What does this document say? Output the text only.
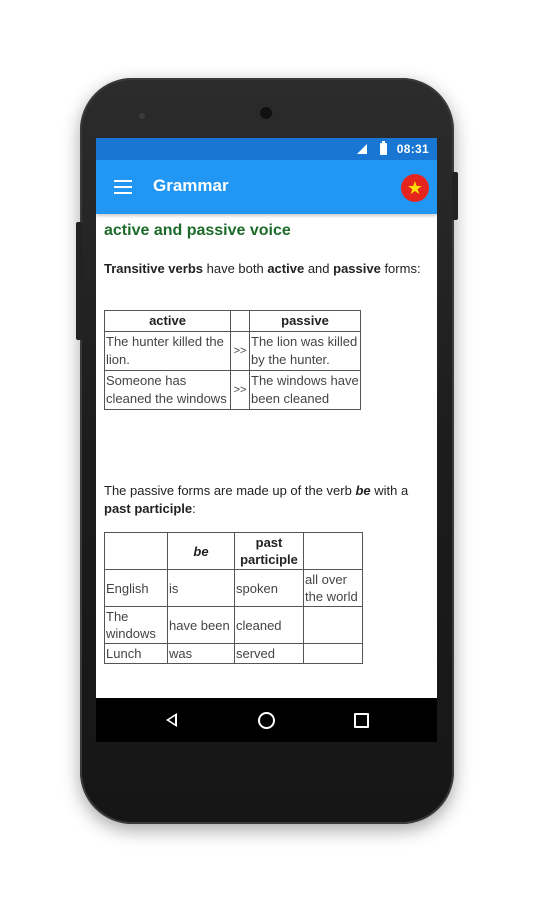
08:31
Grammar	★
active and passive voice
Transitive verbs have both active and passive forms:
active		passive
The hunter killed the lion.	>>	The lion was killed by the hunter.
Someone has cleaned the windows	>>	The windows have been cleaned
The passive forms are made up of the verb be with a past participle:
	be	past participle	
English	is	spoken	all over the world
The windows	have been	cleaned	
Lunch	was	served	
